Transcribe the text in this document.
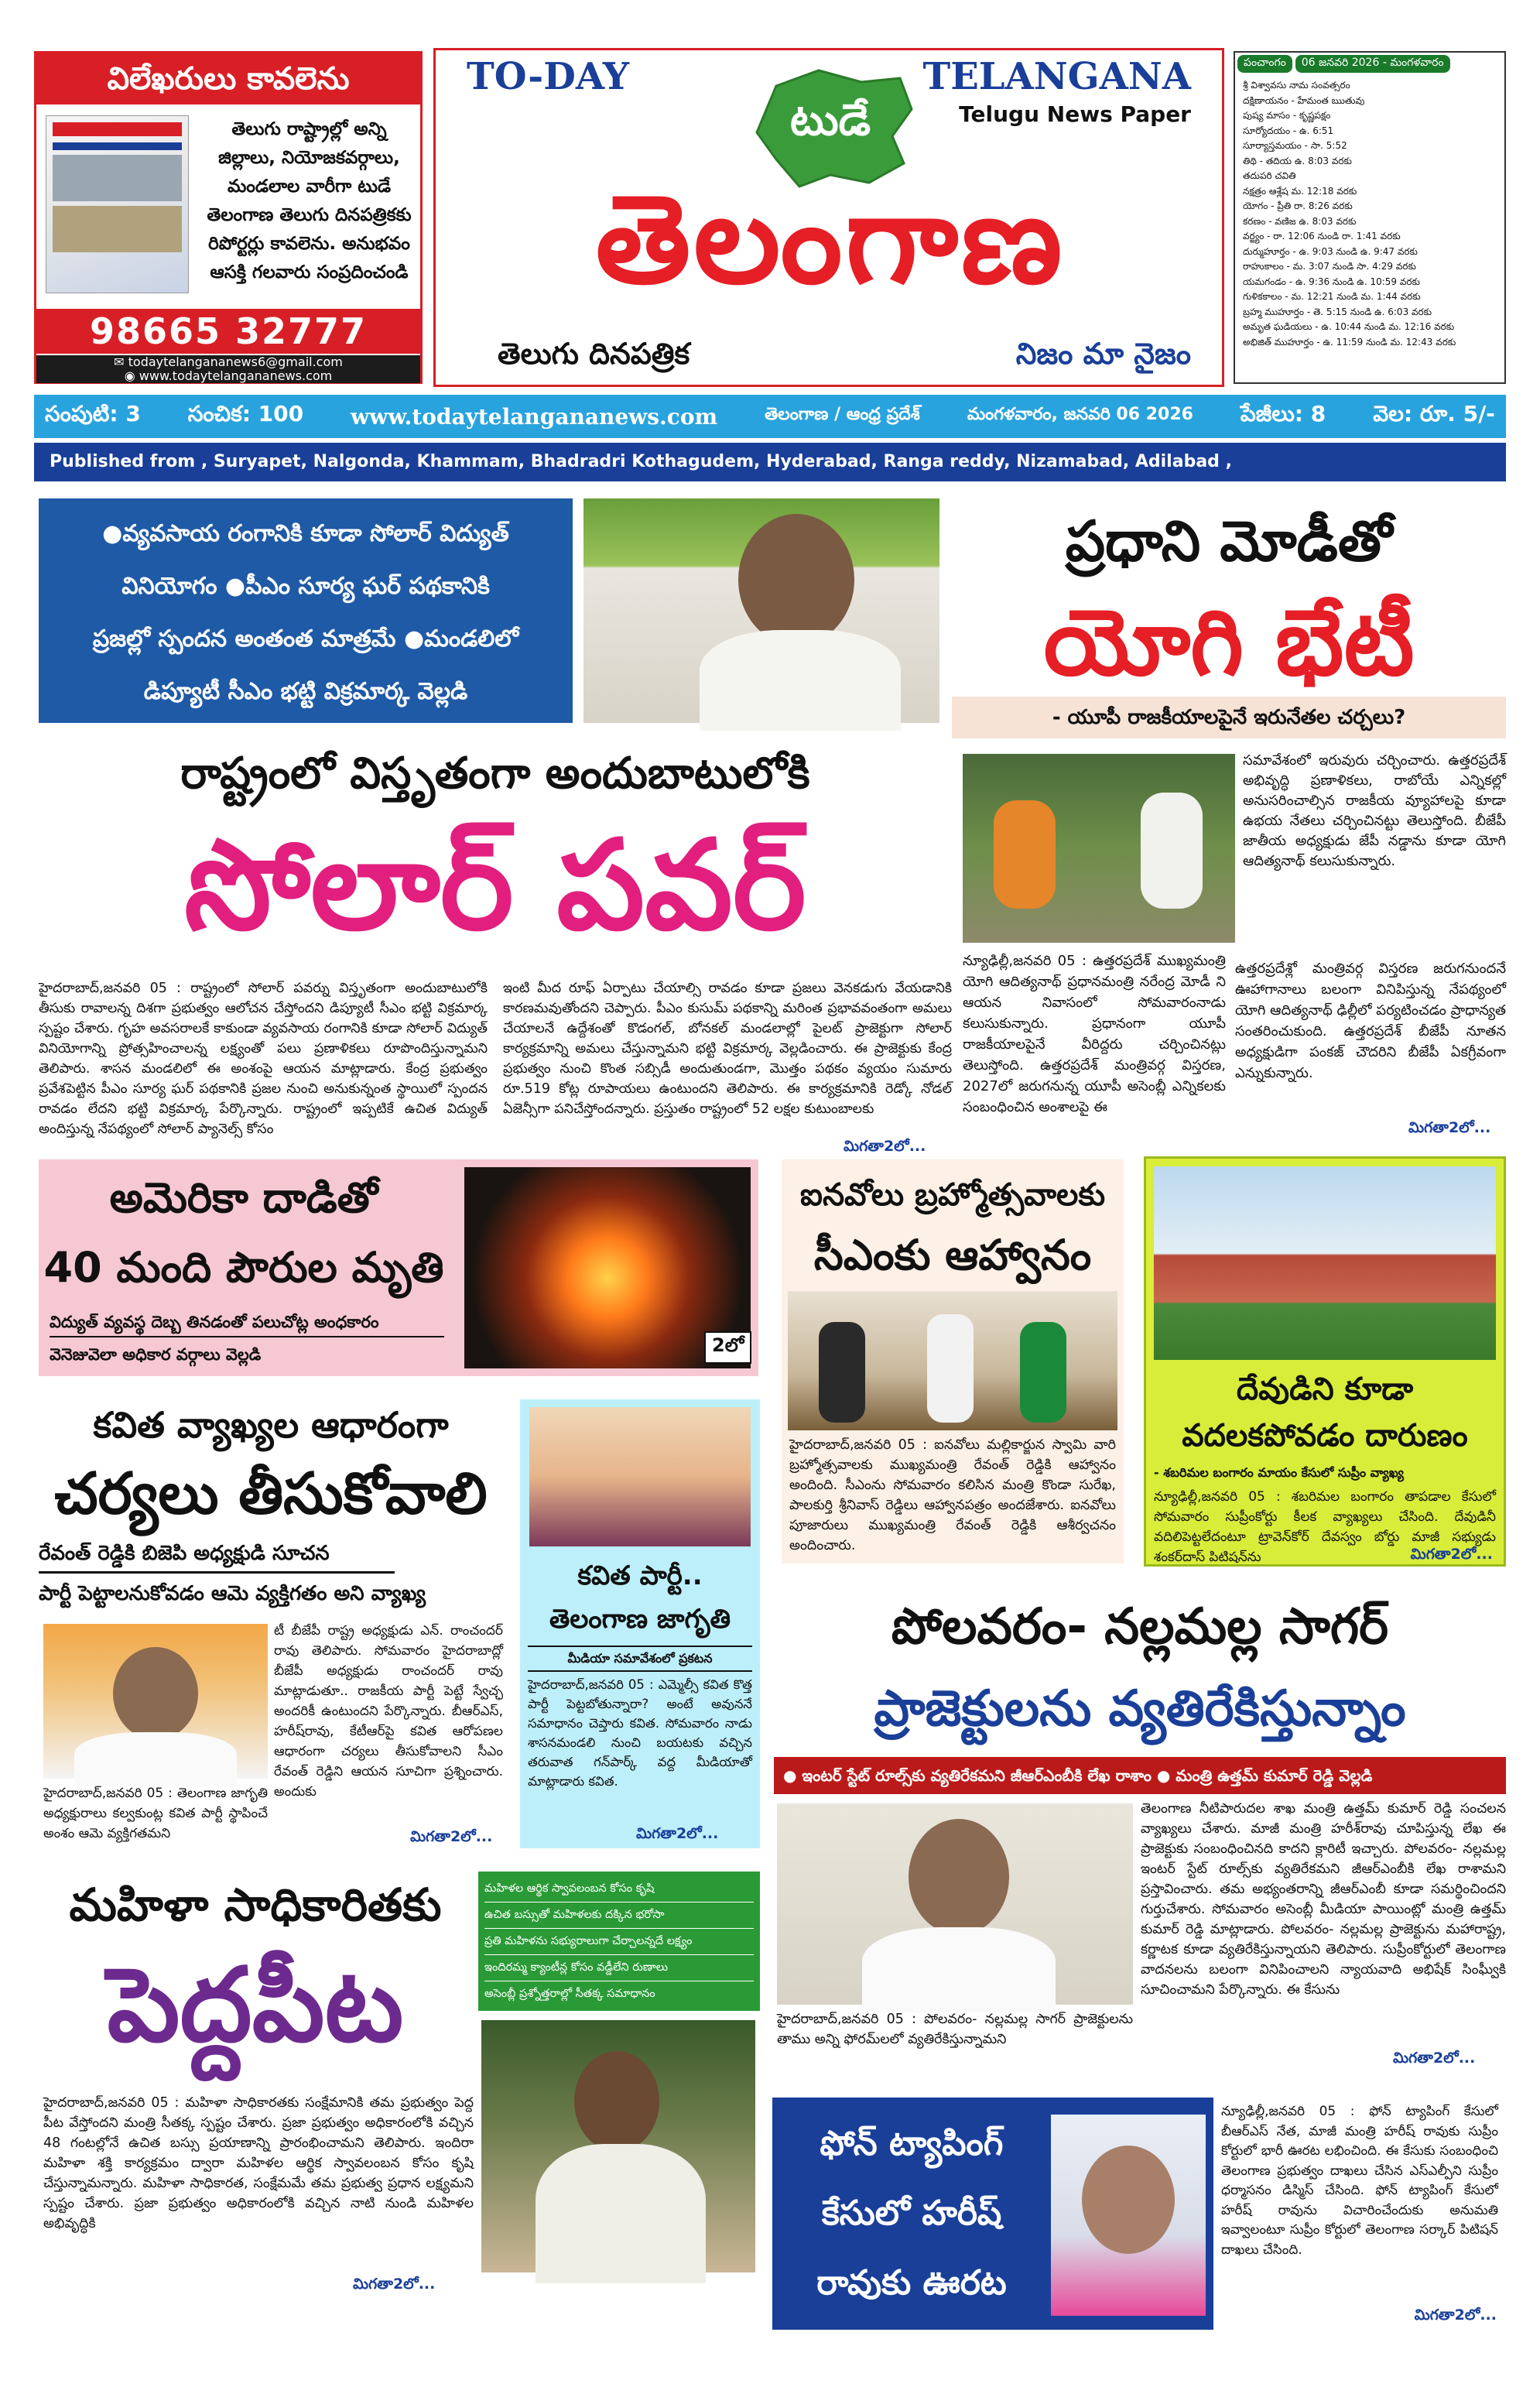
విలేఖరులు కావలెను
తెలుగు రాష్ట్రాల్లో అన్ని జిల్లాలు, నియోజకవర్గాలు, మండలాల వారీగా టుడే తెలంగాణ తెలుగు దినపత్రికకు రిపోర్టర్లు కావలెను. అనుభవం ఆసక్తి గలవారు సంప్రదించండి
98665 32777
✉ todaytelangananews6@gmail.com
◉ www.todaytelangananews.com
TO-DAY	TELANGANA
Telugu News Paper
టుడే
తెలంగాణ
తెలుగు దినపత్రిక	నిజం మా నైజం
పంచాంగం	06 జనవరి 2026 - మంగళవారం
శ్రీ విశ్వావసు నామ సంవత్సరం
దక్షిణాయనం - హేమంత ఋతువు
పుష్య మాసం - కృష్ణపక్షం
సూర్యోదయం - ఉ. 6:51
సూర్యాస్తమయం - సా. 5:52
తిథి - తదియ ఉ. 8:03 వరకు
తదుపరి చవితి
నక్షత్రం ఆశ్లేష మ. 12:18 వరకు
యోగం - ప్రీతి రా. 8:26 వరకు
కరణం - వణిజ ఉ. 8:03 వరకు
వర్జ్యం - రా. 12:06 నుండి రా. 1:41 వరకు
దుర్ముహూర్తం - ఉ. 9:03 నుండి ఉ. 9:47 వరకు
రాహుకాలం - మ. 3:07 నుండి సా. 4:29 వరకు
యమగండం - ఉ. 9:36 నుండి ఉ. 10:59 వరకు
గుళికకాలం - మ. 12:21 నుండి మ. 1:44 వరకు
బ్రహ్మ ముహూర్తం - తె. 5:15 నుండి ఉ. 6:03 వరకు
అమృత ఘడియలు - ఉ. 10:44 నుండి మ. 12:16 వరకు
అభిజిత్ ముహూర్తం - ఉ. 11:59 నుండి మ. 12:43 వరకు
సంపుటి: 3 సంచిక: 100 www.todaytelangananews.com	తెలంగాణ / ఆంధ్ర ప్రదేశ్	మంగళవారం, జనవరి 06 2026 పేజీలు: 8 వెల: రూ. 5/-
Published from , Suryapet, Nalgonda, Khammam, Bhadradri Kothagudem, Hyderabad, Ranga reddy, Nizamabad, Adilabad ,
●వ్యవసాయ రంగానికి కూడా సోలార్ విద్యుత్
వినియోగం ●పీఎం సూర్య ఘర్ పథకానికి
ప్రజల్లో స్పందన అంతంత మాత్రమే ●మండలిలో
డిప్యూటీ సీఎం భట్టి విక్రమార్క వెల్లడి
ప్రధాని మోడీతో
యోగి భేటీ
- యూపీ రాజకీయాలపైనే ఇరునేతల చర్చలు?
సమావేశంలో ఇరువురు చర్చించారు. ఉత్తరప్రదేశ్ అభివృద్ధి ప్రణాళికలు, రాబోయే ఎన్నికల్లో అనుసరించాల్సిన రాజకీయ వ్యూహాలపై కూడా ఉభయ నేతలు చర్చించినట్టు తెలుస్తోంది. బీజేపీ జాతీయ అధ్యక్షుడు జేపీ నడ్డాను కూడా యోగి ఆదిత్యనాథ్ కలుసుకున్నారు.
న్యూఢిల్లీ,జనవరి 05 : ఉత్తరప్రదేశ్ ముఖ్యమంత్రి యోగి ఆదిత్యనాథ్ ప్రధానమంత్రి నరేంద్ర మోడీ ని ఆయన నివాసంలో సోమవారంనాడు కలుసుకున్నారు. ప్రధానంగా యూపీ రాజకీయాలపైనే వీరిద్దరు చర్చించినట్లు తెలుస్తోంది. ఉత్తరప్రదేశ్ మంత్రివర్గ విస్తరణ, 2027లో జరుగనున్న యూపీ అసెంబ్లీ ఎన్నికలకు సంబంధించిన అంశాలపై ఈ
ఉత్తరప్రదేశ్లో మంత్రివర్గ విస్తరణ జరుగనుందనే ఊహాగానాలు బలంగా వినిపిస్తున్న నేపథ్యంలో యోగి ఆదిత్యనాథ్ ఢిల్లీలో పర్యటించడం ప్రాధాన్యత సంతరించుకుంది. ఉత్తరప్రదేశ్ బీజేపీ నూతన అధ్యక్షుడిగా పంకజ్ చౌదరిని బీజేపీ ఏకగ్రీవంగా ఎన్నుకున్నారు.
మిగతా2లో...
రాష్ట్రంలో విస్తృతంగా అందుబాటులోకి
సోలార్ పవర్
హైదరాబాద్,జనవరి 05 : రాష్ట్రంలో సోలార్ పవర్ను విస్తృతంగా అందుబాటులోకి తీసుకు రావాలన్న దిశగా ప్రభుత్వం ఆలోచన చేస్తోందని డిప్యూటీ సీఎం భట్టి విక్రమార్క స్పష్టం చేశారు. గృహ అవసరాలకే కాకుండా వ్యవసాయ రంగానికి కూడా సోలార్ విద్యుత్ వినియోగాన్ని ప్రోత్సహించాలన్న లక్ష్యంతో పలు ప్రణాళికలు రూపొందిస్తున్నామని తెలిపారు. శాసన మండలిలో ఈ అంశంపై ఆయన మాట్లాడారు. కేంద్ర ప్రభుత్వం ప్రవేశపెట్టిన పీఎం సూర్య ఘర్ పథకానికి ప్రజల నుంచి అనుకున్నంత స్థాయిలో స్పందన రావడం లేదని భట్టి విక్రమార్క పేర్కొన్నారు. రాష్ట్రంలో ఇప్పటికే ఉచిత విద్యుత్ అందిస్తున్న నేపథ్యంలో సోలార్ ప్యానెల్స్ కోసం
ఇంటి మీద రూఫ్ ఏర్పాటు చేయాల్సి రావడం కూడా ప్రజలు వెనకడుగు వేయడానికి కారణమవుతోందని చెప్పారు. పీఎం కుసుమ్ పథకాన్ని మరింత ప్రభావవంతంగా అమలు చేయాలనే ఉద్దేశంతో కొడంగల్, బోనకల్ మండలాల్లో పైలట్ ప్రాజెక్టుగా సోలార్ కార్యక్రమాన్ని అమలు చేస్తున్నామని భట్టి విక్రమార్క వెల్లడించారు. ఈ ప్రాజెక్టుకు కేంద్ర ప్రభుత్వం నుంచి కొంత సబ్సిడీ అందుతుండగా, మొత్తం పథకం వ్యయం సుమారు రూ.519 కోట్ల రూపాయలు ఉంటుందని తెలిపారు. ఈ కార్యక్రమానికి రెడ్కో నోడల్ ఏజెన్సీగా పనిచేస్తోందన్నారు. ప్రస్తుతం రాష్ట్రంలో 52 లక్షల కుటుంబాలకు
మిగతా2లో...
అమెరికా దాడితో
40 మంది పౌరుల మృతి
విద్యుత్ వ్యవస్థ దెబ్బ తినడంతో పలుచోట్ల అంధకారం
వెనెజువెలా అధికార వర్గాలు వెల్లడి	2లో
ఐనవోలు బ్రహ్మోత్సవాలకు
సీఎంకు ఆహ్వానం
హైదరాబాద్,జనవరి 05 : ఐనవోలు మల్లికార్జున స్వామి వారి బ్రహ్మోత్సవాలకు ముఖ్యమంత్రి రేవంత్ రెడ్డికి ఆహ్వానం అందింది. సీఎంను సోమవారం కలిసిన మంత్రి కొండా సురేఖ, పాలకుర్తి శ్రీనివాస్ రెడ్డిలు ఆహ్వానపత్రం అందజేశారు. ఐనవోలు పూజారులు ముఖ్యమంత్రి రేవంత్ రెడ్డికి ఆశీర్వచనం అందించారు.
దేవుడిని కూడా
వదలకపోవడం దారుణం
- శబరిమల బంగారం మాయం కేసులో సుప్రీం వ్యాఖ్య
న్యూఢిల్లీ,జనవరి 05 : శబరిమల బంగారం తాపడాల కేసులో సోమవారం సుప్రీంకోర్టు కీలక వ్యాఖ్యలు చేసింది. దేవుడినీ వదిలిపెట్టలేదంటూ ట్రావెన్‌కోర్ దేవస్వం బోర్డు మాజీ సభ్యుడు శంకర్‌దాస్ పిటిషన్‌ను	మిగతా2లో...
కవిత వ్యాఖ్యల ఆధారంగా
చర్యలు తీసుకోవాలి
రేవంత్ రెడ్డికి బిజెపి అధ్యక్షుడి సూచన
పార్టీ పెట్టాలనుకోవడం ఆమె వ్యక్తిగతం అని వ్యాఖ్య
టీ బీజేపీ రాష్ట్ర అధ్యక్షుడు ఎన్. రాంచందర్ రావు తెలిపారు. సోమవారం హైదరాబాద్లో బీజేపీ అధ్యక్షుడు రాంచందర్ రావు మాట్లాడుతూ.. రాజకీయ పార్టీ పెట్టే స్వేచ్ఛ అందరికీ ఉంటుందని పేర్కొన్నారు. బీఆర్ఎస్, హరీష్‌రావు, కేటీఆర్‌పై కవిత ఆరోపణల ఆధారంగా చర్యలు తీసుకోవాలని సీఎం రేవంత్ రెడ్డిని ఆయన సూచిగా ప్రశ్నించారు. అందుకు
హైదరాబాద్,జనవరి 05 : తెలంగాణ జాగృతి అధ్యక్షురాలు కల్వకుంట్ల కవిత పార్టీ స్థాపించే అంశం ఆమె వ్యక్తిగతమని	మిగతా2లో...
కవిత పార్టీ..
తెలంగాణ జాగృతి
మీడియా సమావేశంలో ప్రకటన
హైదరాబాద్,జనవరి 05 : ఎమ్మెల్సీ కవిత కొత్త పార్టీ పెట్టబోతున్నారా? అంటే అవుననే సమాధానం చెప్తారు కవిత. సోమవారం నాడు శాసనమండలి నుంచి బయటకు వచ్చిన తరువాత గన్‌పార్క్ వద్ద మీడియాతో మాట్లాడారు కవిత.
మిగతా2లో...
పోలవరం- నల్లమల్ల సాగర్
ప్రాజెక్టులను వ్యతిరేకిస్తున్నాం
● ఇంటర్ స్టేట్ రూల్స్‌కు వ్యతిరేకమని జీఆర్ఎంబీకి లేఖ రాశాం ● మంత్రి ఉత్తమ్ కుమార్ రెడ్డి వెల్లడి
తెలంగాణ నీటిపారుదల శాఖ మంత్రి ఉత్తమ్ కుమార్ రెడ్డి సంచలన వ్యాఖ్యలు చేశారు. మాజీ మంత్రి హరీశ్‌రావు చూపిస్తున్న లేఖ ఈ ప్రాజెక్టుకు సంబంధించినది కాదని క్లారిటీ ఇచ్చారు. పోలవరం- నల్లమల్ల ఇంటర్ స్టేట్ రూల్స్‌కు వ్యతిరేకమని జీఆర్ఎంబీకి లేఖ రాశామని ప్రస్తావించారు. తమ అభ్యంతరాన్ని జీఆర్ఎంబీ కూడా సమర్థించిందని గుర్తుచేశారు. సోమవారం అసెంబ్లీ మీడియా పాయింట్లో మంత్రి ఉత్తమ్ కుమార్ రెడ్డి మాట్లాడారు. పోలవరం- నల్లమల్ల ప్రాజెక్టును మహారాష్ట్ర, కర్ణాటక కూడా వ్యతిరేకిస్తున్నాయని తెలిపారు. సుప్రీంకోర్టులో తెలంగాణ వాదనలను బలంగా వినిపించాలని న్యాయవాది అభిషేక్ సింఘ్వీకి సూచించామని పేర్కొన్నారు. ఈ కేసును
హైదరాబాద్,జనవరి 05 : పోలవరం- నల్లమల్ల సాగర్ ప్రాజెక్టులను తాము అన్ని ఫోరమ్‌లలో వ్యతిరేకిస్తున్నామని
మిగతా2లో...
మహిళా సాధికారితకు
పెద్దపీట
మహిళల ఆర్థిక స్వావలంబన కోసం కృషి
ఉచిత బస్సుతో మహిళలకు దక్కిన భరోసా
ప్రతి మహిళను సభ్యురాలుగా చేర్చాలన్నదే లక్ష్యం
ఇందిరమ్మ క్యాంటీన్ల కోసం వడ్డీలేని రుణాలు
అసెంబ్లీ ప్రశ్నోత్తరాల్లో సీతక్క సమాధానం
హైదరాబాద్,జనవరి 05 : మహిళా సాధికారతకు సంక్షేమానికి తమ ప్రభుత్వం పెద్ద పీట వేస్తోందని మంత్రి సీతక్క స్పష్టం చేశారు. ప్రజా ప్రభుత్వం అధికారంలోకి వచ్చిన 48 గంటల్లోనే ఉచిత బస్సు ప్రయాణాన్ని ప్రారంభించామని తెలిపారు. ఇందిరా మహిళా శక్తి కార్యక్రమం ద్వారా మహిళల ఆర్థిక స్వావలంబన కోసం కృషి చేస్తున్నామన్నారు. మహిళా సాధికారత, సంక్షేమమే తమ ప్రభుత్వ ప్రధాన లక్ష్యమని స్పష్టం చేశారు. ప్రజా ప్రభుత్వం అధికారంలోకి వచ్చిన నాటి నుండి మహిళల అభివృద్ధికి
మిగతా2లో...
ఫోన్ ట్యాపింగ్
కేసులో హరీష్
రావుకు ఊరట
న్యూఢిల్లీ,జనవరి 05 : ఫోన్ ట్యాపింగ్ కేసులో బీఆర్ఎస్ నేత, మాజీ మంత్రి హరీష్ రావుకు సుప్రీం కోర్టులో భారీ ఊరట లభించింది. ఈ కేసుకు సంబంధించి తెలంగాణ ప్రభుత్వం దాఖలు చేసిన ఎస్ఎల్పీని సుప్రీం ధర్మాసనం డిస్మిస్ చేసింది. ఫోన్ ట్యాపింగ్ కేసులో హరీష్ రావును విచారించేందుకు అనుమతి ఇవ్వాలంటూ సుప్రీం కోర్టులో తెలంగాణ సర్కార్ పిటిషన్ దాఖలు చేసింది.
మిగతా2లో...
